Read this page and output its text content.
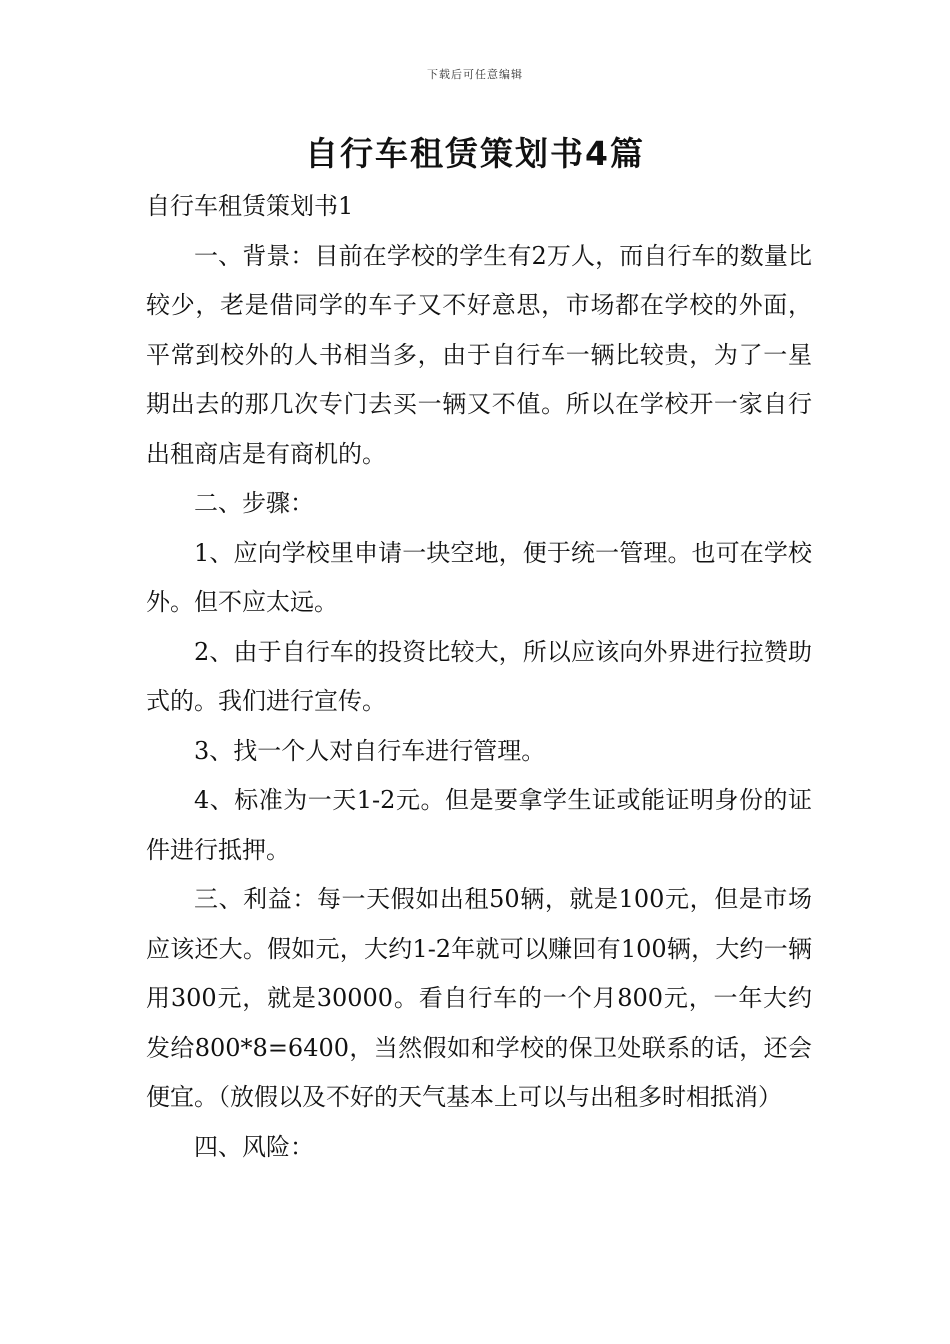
下载后可任意编辑
自行车租赁策划书4篇

自行车租赁策划书1

一、背景：目前在学校的学生有2万人，而自行车的数量比较少，老是借同学的车子又不好意思，市场都在学校的外面，平常到校外的人书相当多，由于自行车一辆比较贵，为了一星期出去的那几次专门去买一辆又不值。所以在学校开一家自行出租商店是有商机的。

二、步骤：

1、应向学校里申请一块空地，便于统一管理。也可在学校外。但不应太远。

2、由于自行车的投资比较大，所以应该向外界进行拉赞助式的。我们进行宣传。

3、找一个人对自行车进行管理。

4、标准为一天1-2元。但是要拿学生证或能证明身份的证件进行抵押。

三、利益：每一天假如出租50辆，就是100元，但是市场应该还大。假如元，大约1-2年就可以赚回有100辆，大约一辆用300元，就是30000。看自行车的一个月800元，一年大约发给800*8=6400，当然假如和学校的保卫处联系的话，还会便宜。（放假以及不好的天气基本上可以与出租多时相抵消）

四、风险：
